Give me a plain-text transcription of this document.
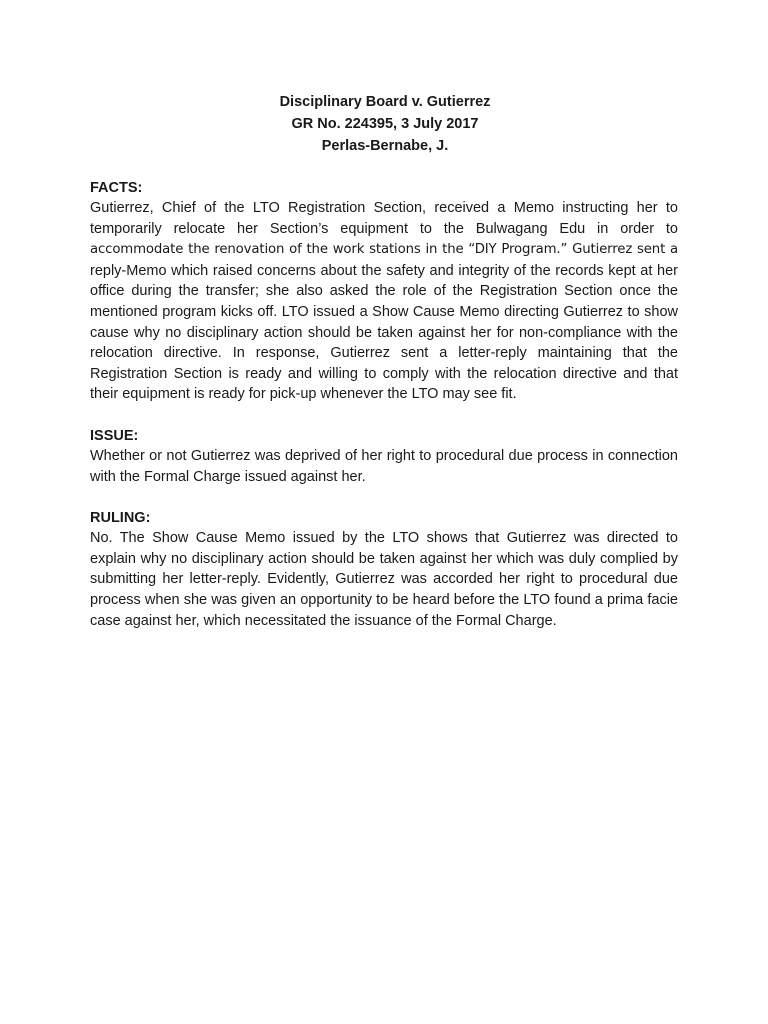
Disciplinary Board v. Gutierrez
GR No. 224395, 3 July 2017
Perlas-Bernabe, J.

FACTS:

Gutierrez, Chief of the LTO Registration Section, received a Memo instructing her to temporarily relocate her Section’s equipment to the Bulwagang Edu in order to accommodate the renovation of the work stations in the “DIY Program.” Gutierrez sent a reply-Memo which raised concerns about the safety and integrity of the records kept at her office during the transfer; she also asked the role of the Registration Section once the mentioned program kicks off. LTO issued a Show Cause Memo directing Gutierrez to show cause why no disciplinary action should be taken against her for non-compliance with the relocation directive. In response, Gutierrez sent a letter-reply maintaining that the Registration Section is ready and willing to comply with the relocation directive and that their equipment is ready for pick-up whenever the LTO may see fit.

ISSUE:

Whether or not Gutierrez was deprived of her right to procedural due process in connection with the Formal Charge issued against her.

RULING:

No. The Show Cause Memo issued by the LTO shows that Gutierrez was directed to explain why no disciplinary action should be taken against her which was duly complied by submitting her letter-reply. Evidently, Gutierrez was accorded her right to procedural due process when she was given an opportunity to be heard before the LTO found a prima facie case against her, which necessitated the issuance of the Formal Charge.
